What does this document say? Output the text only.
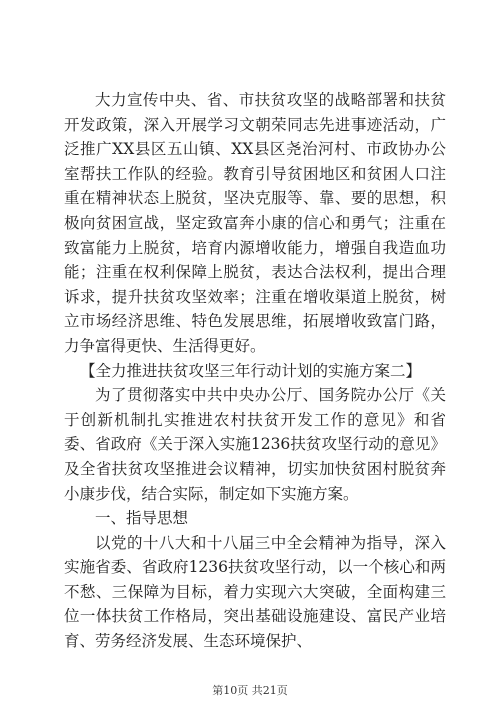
大力宣传中央、省、市扶贫攻坚的战略部署和扶贫开发政策，深入开展学习文朝荣同志先进事迹活动，广泛推广XX县区五山镇、XX县区尧治河村、市政协办公室帮扶工作队的经验。教育引导贫困地区和贫困人口注重在精神状态上脱贫，坚决克服等、靠、要的思想，积极向贫困宣战，坚定致富奔小康的信心和勇气；注重在致富能力上脱贫，培育内源增收能力，增强自我造血功能；注重在权利保障上脱贫，表达合法权利，提出合理诉求，提升扶贫攻坚效率；注重在增收渠道上脱贫，树立市场经济思维、特色发展思维，拓展增收致富门路，力争富得更快、生活得更好。

【全力推进扶贫攻坚三年行动计划的实施方案二】

为了贯彻落实中共中央办公厅、国务院办公厅《关于创新机制扎实推进农村扶贫开发工作的意见》和省委、省政府《关于深入实施1236扶贫攻坚行动的意见》及全省扶贫攻坚推进会议精神，切实加快贫困村脱贫奔小康步伐，结合实际，制定如下实施方案。

一、指导思想

以党的十八大和十八届三中全会精神为指导，深入实施省委、省政府1236扶贫攻坚行动，以一个核心和两不愁、三保障为目标，着力实现六大突破，全面构建三位一体扶贫工作格局，突出基础设施建设、富民产业培育、劳务经济发展、生态环境保护、

第10页 共21页
